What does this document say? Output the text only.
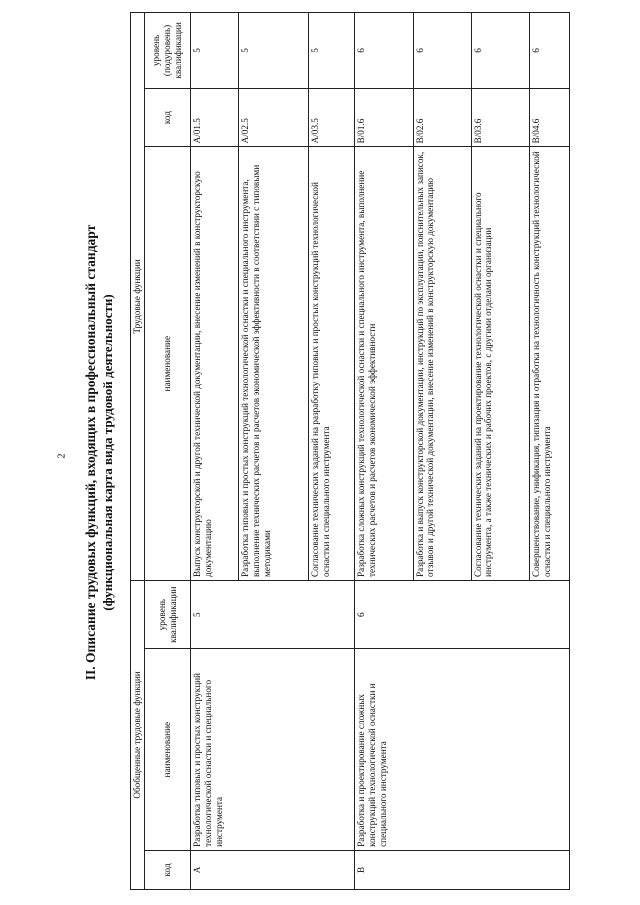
2 II. Описание трудовых функций, входящих в профессиональный стандарт (функциональная карта вида трудовой деятельности)
Обобщенные трудовые функции			Трудовые функции		
код	наименование	уровень квалификации	наименование	код	уровень (подуровень) квалификации
A	Разработка типовых и простых конструкций технологической оснастки и специального инструмента	5	Выпуск конструкторской и другой технической документации, внесение изменений в конструкторскую документацию	A/01.5	5
			Разработка типовых и простых конструкций технологической оснастки и специального инструмента, выполнение технических расчетов и расчетов экономической эффективности в соответствии с типовыми методиками	A/02.5	5
			Согласование технических заданий на разработку типовых и простых конструкций технологической оснастки и специального инструмента	A/03.5	5
B	Разработка и проектирование сложных конструкций технологической оснастки и специального инструмента	6	Разработка сложных конструкций технологической оснастки и специального инструмента, выполнение технических расчетов и расчетов экономической эффективности	B/01.6	6
			Разработка и выпуск конструкторской документации, инструкций по эксплуатации, пояснительных записок, отзывов и другой технической документации, внесение изменений в конструкторскую документацию	B/02.6	6
			Согласование технических заданий на проектирование технологической оснастки и специального инструмента, а также технических и рабочих проектов, с другими отделами организации	B/03.6	6
			Совершенствование, унификация, типизация и отработка на технологичность конструкций технологической оснастки и специального инструмента	B/04.6	6
